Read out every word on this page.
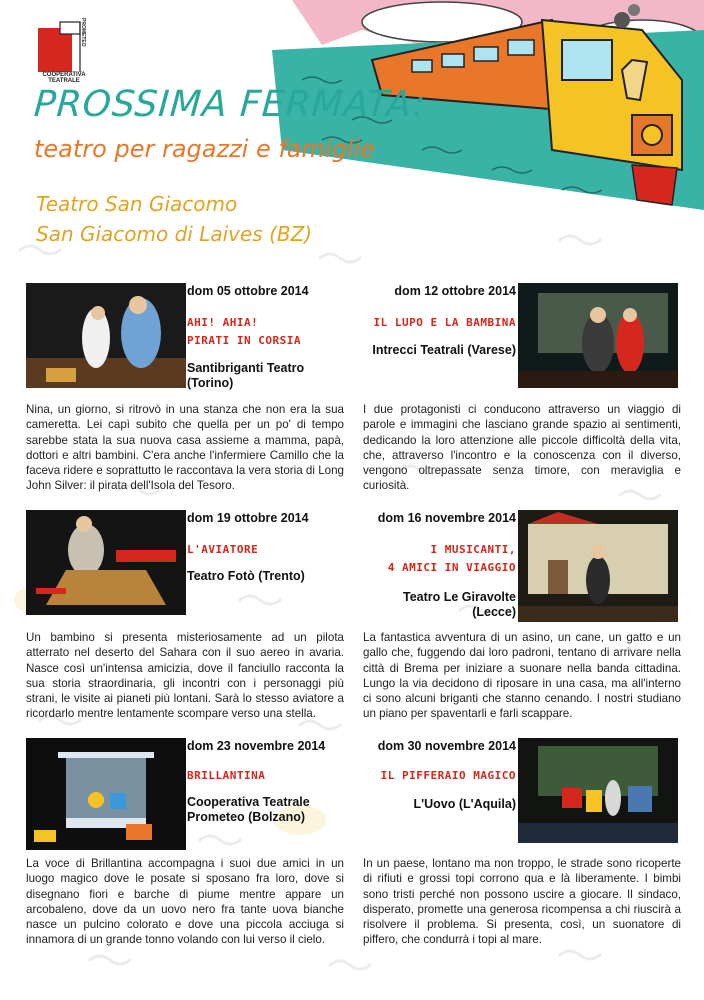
PROMETEO
COOPERATIVA TEATRALE
PROSSIMA FERMATA:
teatro per ragazzi e famiglie
Teatro San Giacomo
San Giacomo di Laives (BZ)
dom 05 ottobre 2014
AHI! AHIA!
PIRATI IN CORSIA
Santibriganti Teatro
(Torino)
Nina, un giorno, si ritrovò in una stanza che non era la sua cameretta. Lei capì subito che quella per un po' di tempo sarebbe stata la sua nuova casa assieme a mamma, papà, dottori e altri bambini. C'era anche l'infermiere Camillo che la faceva ridere e soprattutto le raccontava la vera storia di Long John Silver: il pirata dell'Isola del Tesoro.
dom 12 ottobre 2014
IL LUPO E LA BAMBINA
Intrecci Teatrali (Varese)
I due protagonisti ci conducono attraverso un viaggio di parole e immagini che lasciano grande spazio ai sentimenti, dedicando la loro attenzione alle piccole difficoltà della vita, che, attraverso l'incontro e la conoscenza con il diverso, vengono oltrepassate senza timore, con meraviglia e curiosità.
dom 19 ottobre 2014
L'AVIATORE
Teatro Fotò (Trento)
Un bambino si presenta misteriosamente ad un pilota atterrato nel deserto del Sahara con il suo aereo in avaria. Nasce così un'intensa amicizia, dove il fanciullo racconta la sua storia straordinaria, gli incontri con i personaggi più strani, le visite ai pianeti più lontani. Sarà lo stesso aviatore a ricordarlo mentre lentamente scompare verso una stella.
dom 16 novembre 2014
I MUSICANTI,
4 AMICI IN VIAGGIO
Teatro Le Giravolte
(Lecce)
La fantastica avventura di un asino, un cane, un gatto e un gallo che, fuggendo dai loro padroni, tentano di arrivare nella città di Brema per iniziare a suonare nella banda cittadina. Lungo la via decidono di riposare in una casa, ma all'interno ci sono alcuni briganti che stanno cenando. I nostri studiano un piano per spaventarli e farli scappare.
dom 23 novembre 2014
BRILLANTINA
Cooperativa Teatrale
Prometeo (Bolzano)
La voce di Brillantina accompagna i suoi due amici in un luogo magico dove le posate si sposano fra loro, dove si disegnano fiori e barche di piume mentre appare un arcobaleno, dove da un uovo nero fra tante uova bianche nasce un pulcino colorato e dove una piccola acciuga si innamora di un grande tonno volando con lui verso il cielo.
dom 30 novembre 2014
IL PIFFERAIO MAGICO
L'Uovo (L'Aquila)
In un paese, lontano ma non troppo, le strade sono ricoperte di rifiuti e grossi topi corrono qua e là liberamente. I bimbi sono tristi perché non possono uscire a giocare. Il sindaco, disperato, promette una generosa ricompensa a chi riuscirà a risolvere il problema. Si presenta, così, un suonatore di piffero, che condurrà i topi al mare.
